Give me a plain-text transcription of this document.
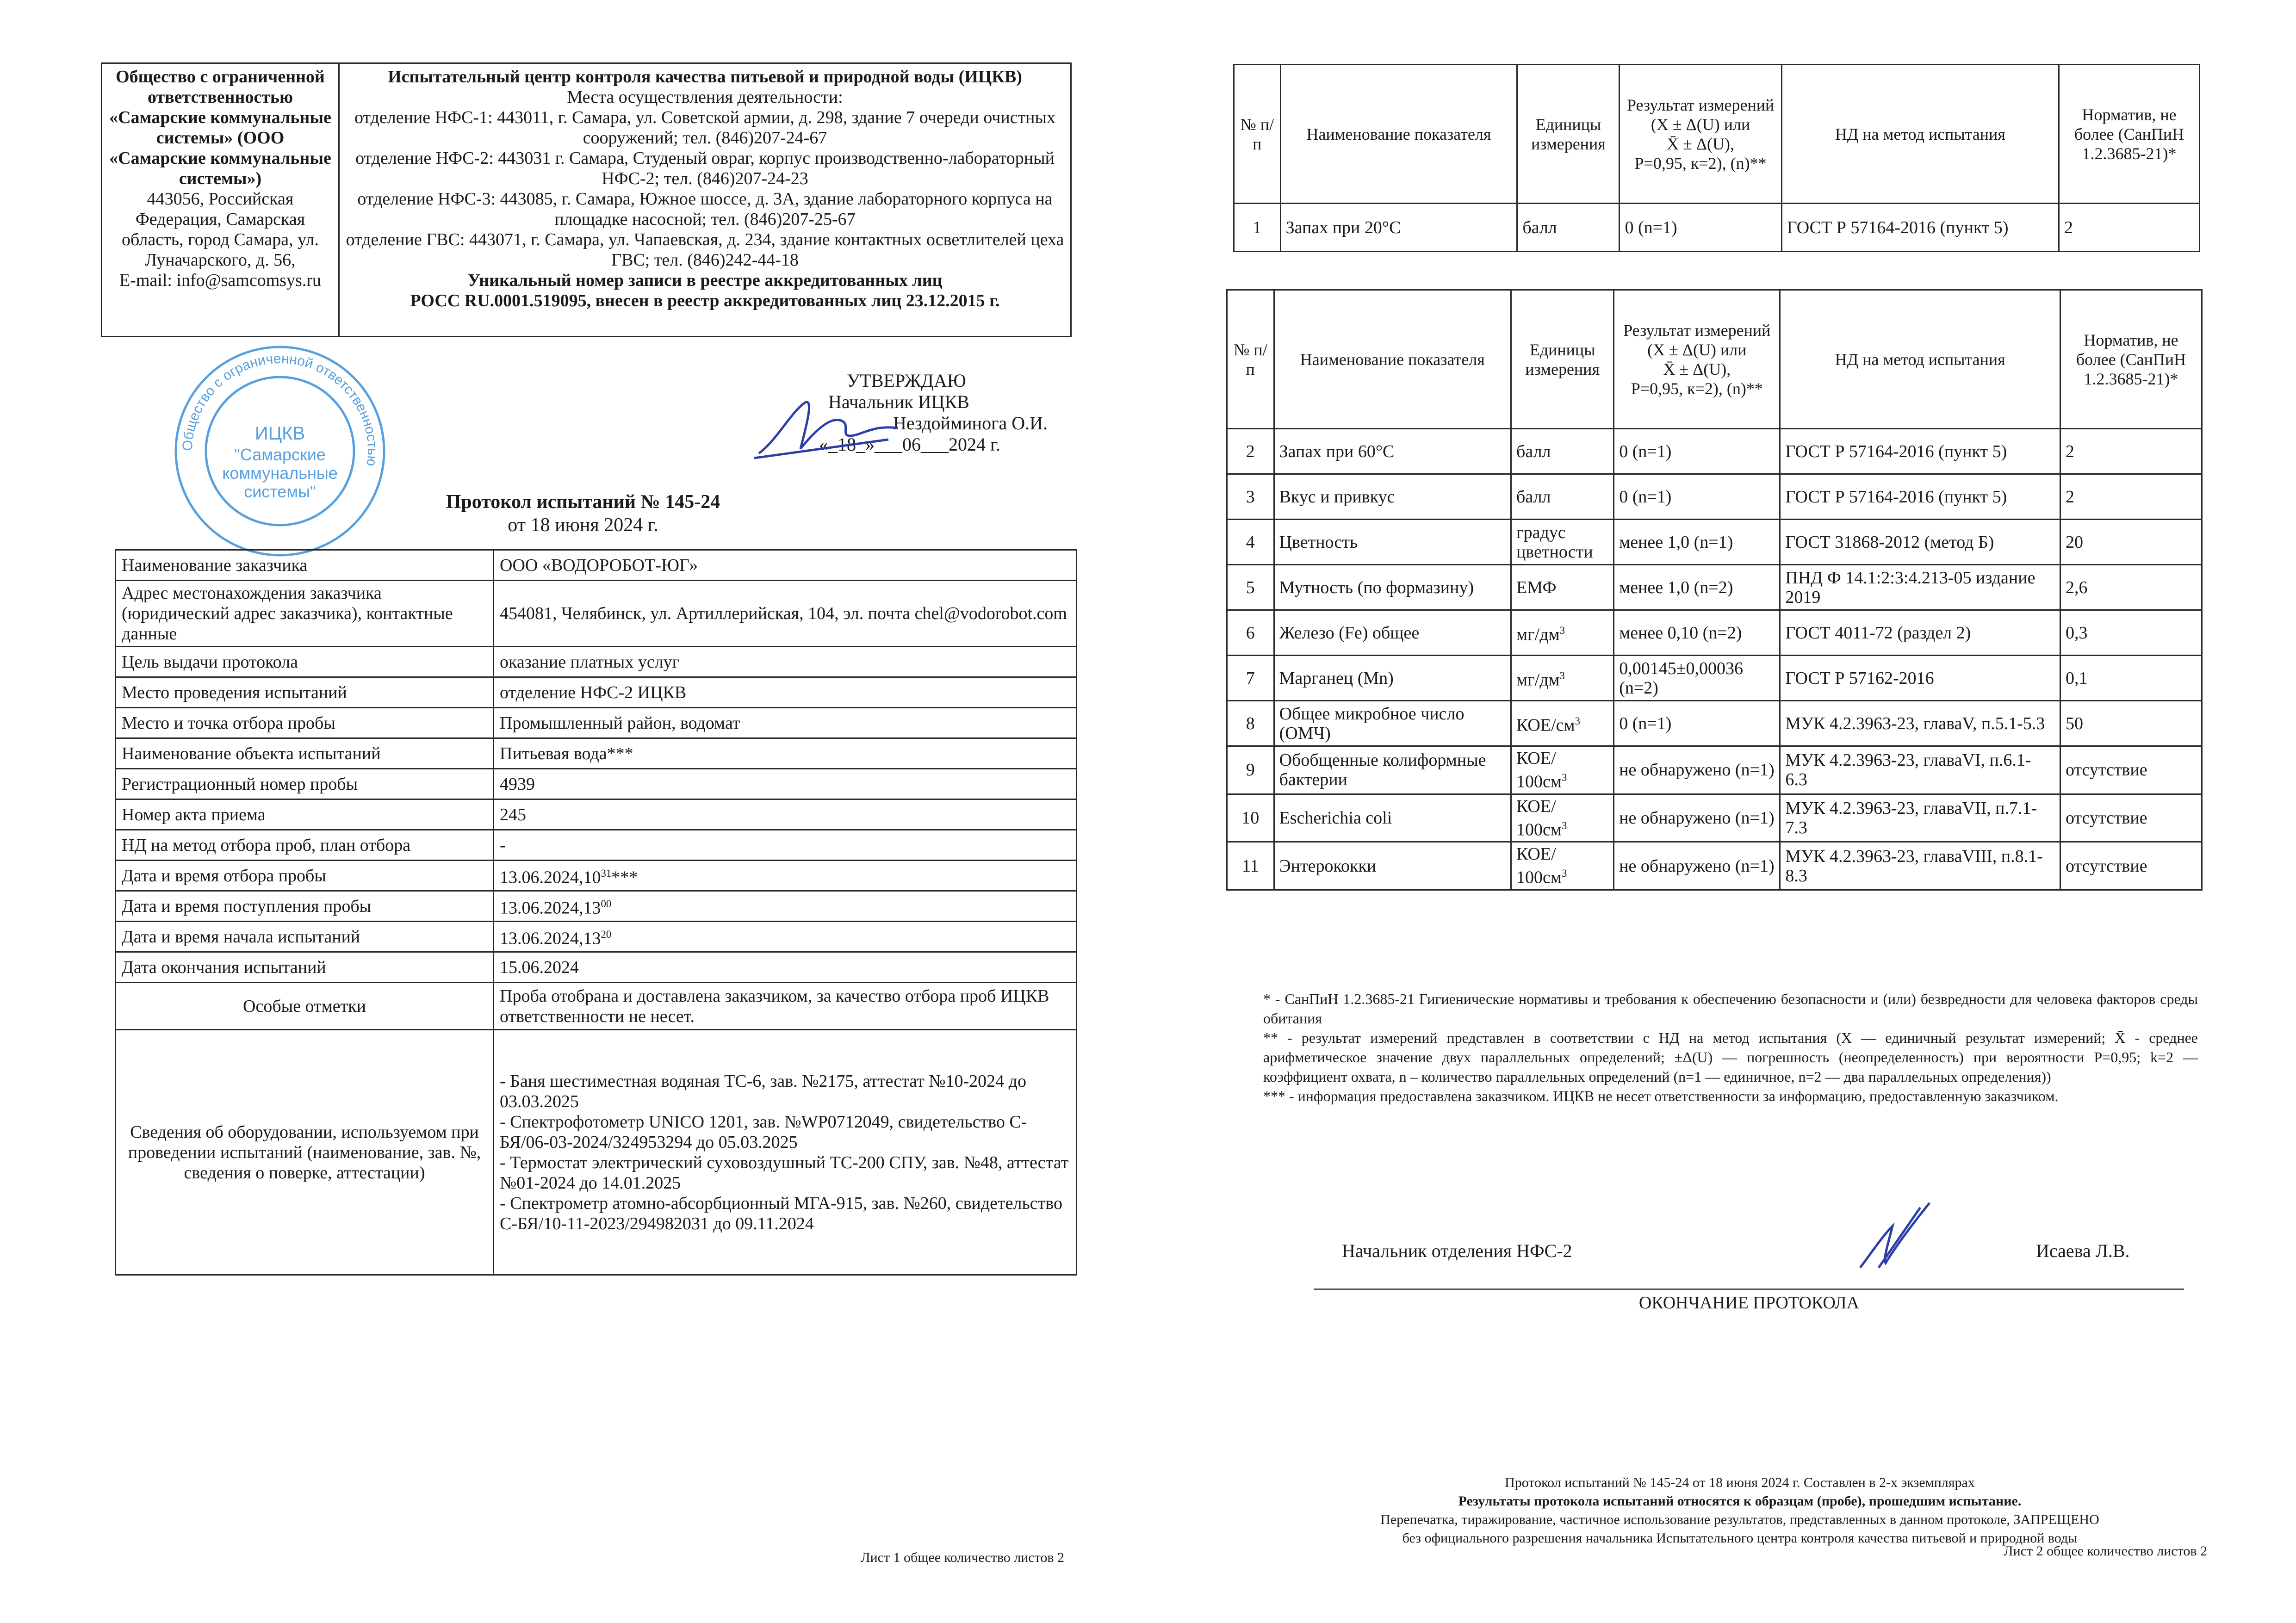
Общество с ограниченной ответственностью «Самарские коммунальные системы» (ООО «Самарские коммунальные системы»)
443056, Российская Федерация, Самарская область, город Самара, ул. Луначарского, д. 56,
E-mail: info@samcomsys.ru

Испытательный центр контроля качества питьевой и природной воды (ИЦКВ)
Места осуществления деятельности:
отделение НФС-1: 443011, г. Самара, ул. Советской армии, д. 298, здание 7 очереди очистных сооружений; тел. (846)207-24-67
отделение НФС-2: 443031 г. Самара, Студеный овраг, корпус производственно-лабораторный НФС-2; тел. (846)207-24-23
отделение НФС-3: 443085, г. Самара, Южное шоссе, д. 3А, здание лабораторного корпуса на площадке насосной; тел. (846)207-25-67
отделение ГВС: 443071, г. Самара, ул. Чапаевская, д. 234, здание контактных осветлителей цеха ГВС; тел. (846)242-44-18
Уникальный номер записи в реестре аккредитованных лиц
РОСС RU.0001.519095, внесен в реестр аккредитованных лиц 23.12.2015 г.
Общество с ограниченной ответственностью
ИЦКВ
"Самарские
коммунальные
системы"
УТВЕРЖДАЮ
Начальник ИЦКВ
Нездойминога О.И.
«_18_»___06___2024 г.
Протокол испытаний № 145-24
от 18 июня 2024 г.
Наименование заказчика	ООО «ВОДОРОБОТ-ЮГ»
Адрес местонахождения заказчика (юридический адрес заказчика), контактные данные	454081, Челябинск, ул. Артиллерийская, 104, эл. почта chel@vodorobot.com
Цель выдачи протокола	оказание платных услуг
Место проведения испытаний	отделение НФС-2 ИЦКВ
Место и точка отбора пробы	Промышленный район, водомат
Наименование объекта испытаний	Питьевая вода***
Регистрационный номер пробы	4939
Номер акта приема	245
НД на метод отбора проб, план отбора	-
Дата и время отбора пробы	13.06.2024,10$^{31}$***
Дата и время поступления пробы	13.06.2024,13$^{00}$
Дата и время начала испытаний	13.06.2024,13$^{20}$
Дата окончания испытаний	15.06.2024
Особые отметки	Проба отобрана и доставлена заказчиком, за качество отбора проб ИЦКВ ответственности не несет.
Сведения об оборудовании, используемом при проведении испытаний (наименование, зав. №, сведения о поверке, аттестации)	- Баня шестиместная водяная ТС-6, зав. №2175, аттестат №10-2024 до 03.03.2025
- Спектрофотометр UNICO 1201, зав. №WP0712049, свидетельство С-БЯ/06-03-2024/324953294 до 05.03.2025
- Термостат электрический суховоздушный ТС-200 СПУ, зав. №48, аттестат №01-2024 до 14.01.2025
- Спектрометр атомно-абсорбционный МГА-915, зав. №260, свидетельство С-БЯ/10-11-2023/294982031 до 09.11.2024
№ п/п	Наименование показателя	Единицы измерения	Результат измерений
(X ± Δ(U) или
X̄ ± Δ(U),
Р=0,95, к=2), (n)**	НД на метод испытания	Норматив, не более (СанПиН 1.2.3685-21)*
1	Запах при 20°С	балл	0 (n=1)	ГОСТ Р 57164-2016 (пункт 5)	2
№ п/п	Наименование показателя	Единицы измерения	Результат измерений
(X ± Δ(U) или
X̄ ± Δ(U),
Р=0,95, к=2), (n)**	НД на метод испытания	Норматив, не более (СанПиН 1.2.3685-21)*
2	Запах при 60°С	балл	0 (n=1)	ГОСТ Р 57164-2016 (пункт 5)	2
3	Вкус и привкус	балл	0 (n=1)	ГОСТ Р 57164-2016 (пункт 5)	2
4	Цветность	градус цветности	менее 1,0 (n=1)	ГОСТ 31868-2012 (метод Б)	20
5	Мутность (по формазину)	ЕМФ	менее 1,0 (n=2)	ПНД Ф 14.1:2:3:4.213-05 издание 2019	2,6
6	Железо (Fe) общее	$мг/дм^3$	менее 0,10 (n=2)	ГОСТ 4011-72 (раздел 2)	0,3
7	Марганец (Mn)	$мг/дм^3$	0,00145±0,00036 (n=2)	ГОСТ Р 57162-2016	0,1
8	Общее микробное число (ОМЧ)	КОЕ/$см^3$	0 (n=1)	МУК 4.2.3963-23, главаV, п.5.1-5.3	50
9	Обобщенные колиформные бактерии	КОЕ/ $100см^3$	не обнаружено (n=1)	МУК 4.2.3963-23, главаVI, п.6.1- 6.3	отсутствие
10	Escherichia coli	КОЕ/ $100см^3$	не обнаружено (n=1)	МУК 4.2.3963-23, главаVII, п.7.1- 7.3	отсутствие
11	Энтерококки	КОЕ/ $100см^3$	не обнаружено (n=1)	МУК 4.2.3963-23, главаVIII, п.8.1- 8.3	отсутствие

* - СанПиН 1.2.3685-21 Гигиенические нормативы и требования к обеспечению безопасности и (или) безвредности для человека факторов среды обитания

** - результат измерений представлен в соответствии с НД на метод испытания (X — единичный результат измерений; X̄ - среднее арифметическое значение двух параллельных определений; ±Δ(U) — погрешность (неопределенность) при вероятности Р=0,95; k=2 — коэффициент охвата, n – количество параллельных определений (n=1 — единичное, n=2 — два параллельных определения))

*** - информация предоставлена заказчиком. ИЦКВ не несет ответственности за информацию, предоставленную заказчиком.

Начальник отделения НФС-2	Исаева Л.В.
ОКОНЧАНИЕ ПРОТОКОЛА
Протокол испытаний № 145-24 от 18 июня 2024 г. Составлен в 2-х экземплярах
Результаты протокола испытаний относятся к образцам (пробе), прошедшим испытание.
Перепечатка, тиражирование, частичное использование результатов, представленных в данном протоколе, ЗАПРЕЩЕНО
без официального разрешения начальника Испытательного центра контроля качества питьевой и природной воды
Лист 1 общее количество листов 2	Лист 2 общее количество листов 2
